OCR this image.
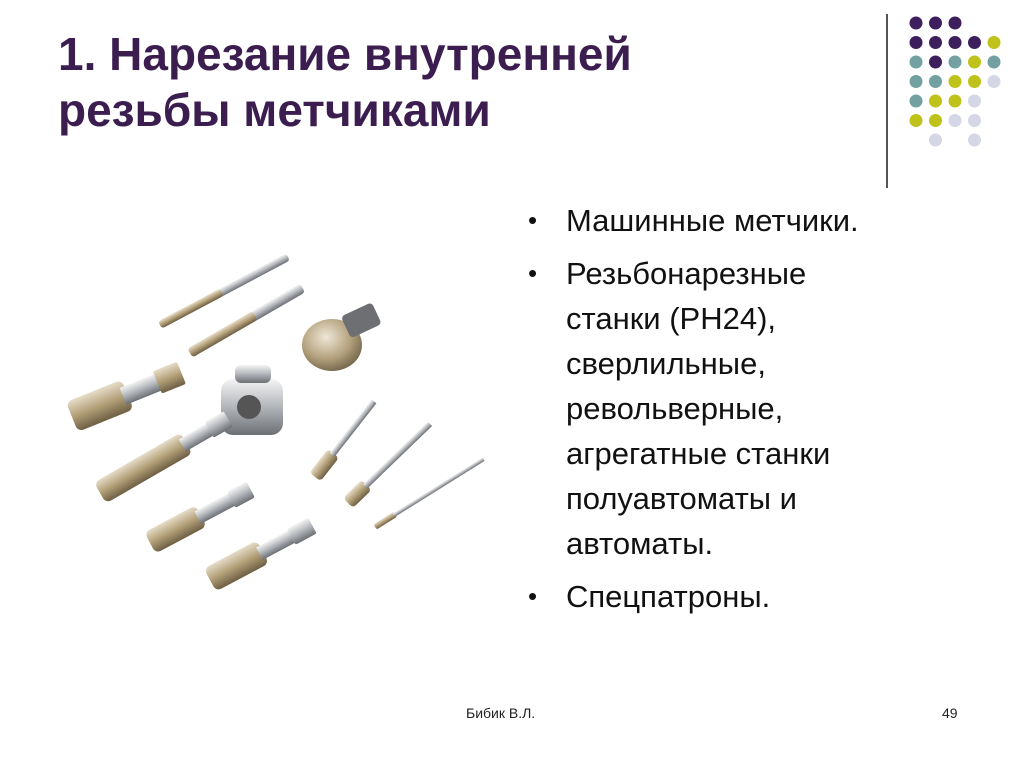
1. Нарезание внутренней
резьбы метчиками
• Машинные метчики.
• Резьбонарезные
станки (РН24),
сверлильные,
револьверные,
агрегатные станки
полуавтоматы и
автоматы.
• Спецпатроны.
Бибик В.Л.	49
